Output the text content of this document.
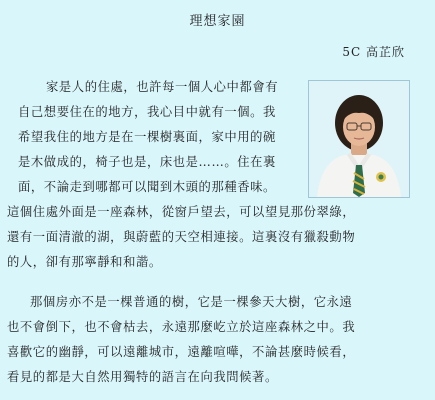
理想家園
5C 高芷欣
家是人的住處，也許每一個人心中都會有
自己想要住在的地方，我心目中就有一個。我
希望我住的地方是在一棵樹裏面，家中用的碗
是木做成的，椅子也是，床也是……。住在裏
面，不論走到哪都可以聞到木頭的那種香味。
這個住處外面是一座森林，從窗戶望去，可以望見那份翠綠，
還有一面清澈的湖，與蔚藍的天空相連接。這裏沒有獵殺動物
的人，卻有那寧靜和和諧。
那個房亦不是一棵普通的樹，它是一棵參天大樹，它永遠
也不會倒下，也不會枯去，永遠那麼屹立於這座森林之中。我
喜歡它的幽靜，可以遠離城市，遠離喧嘩，不論甚麼時候看，
看見的都是大自然用獨特的語言在向我問候著。
